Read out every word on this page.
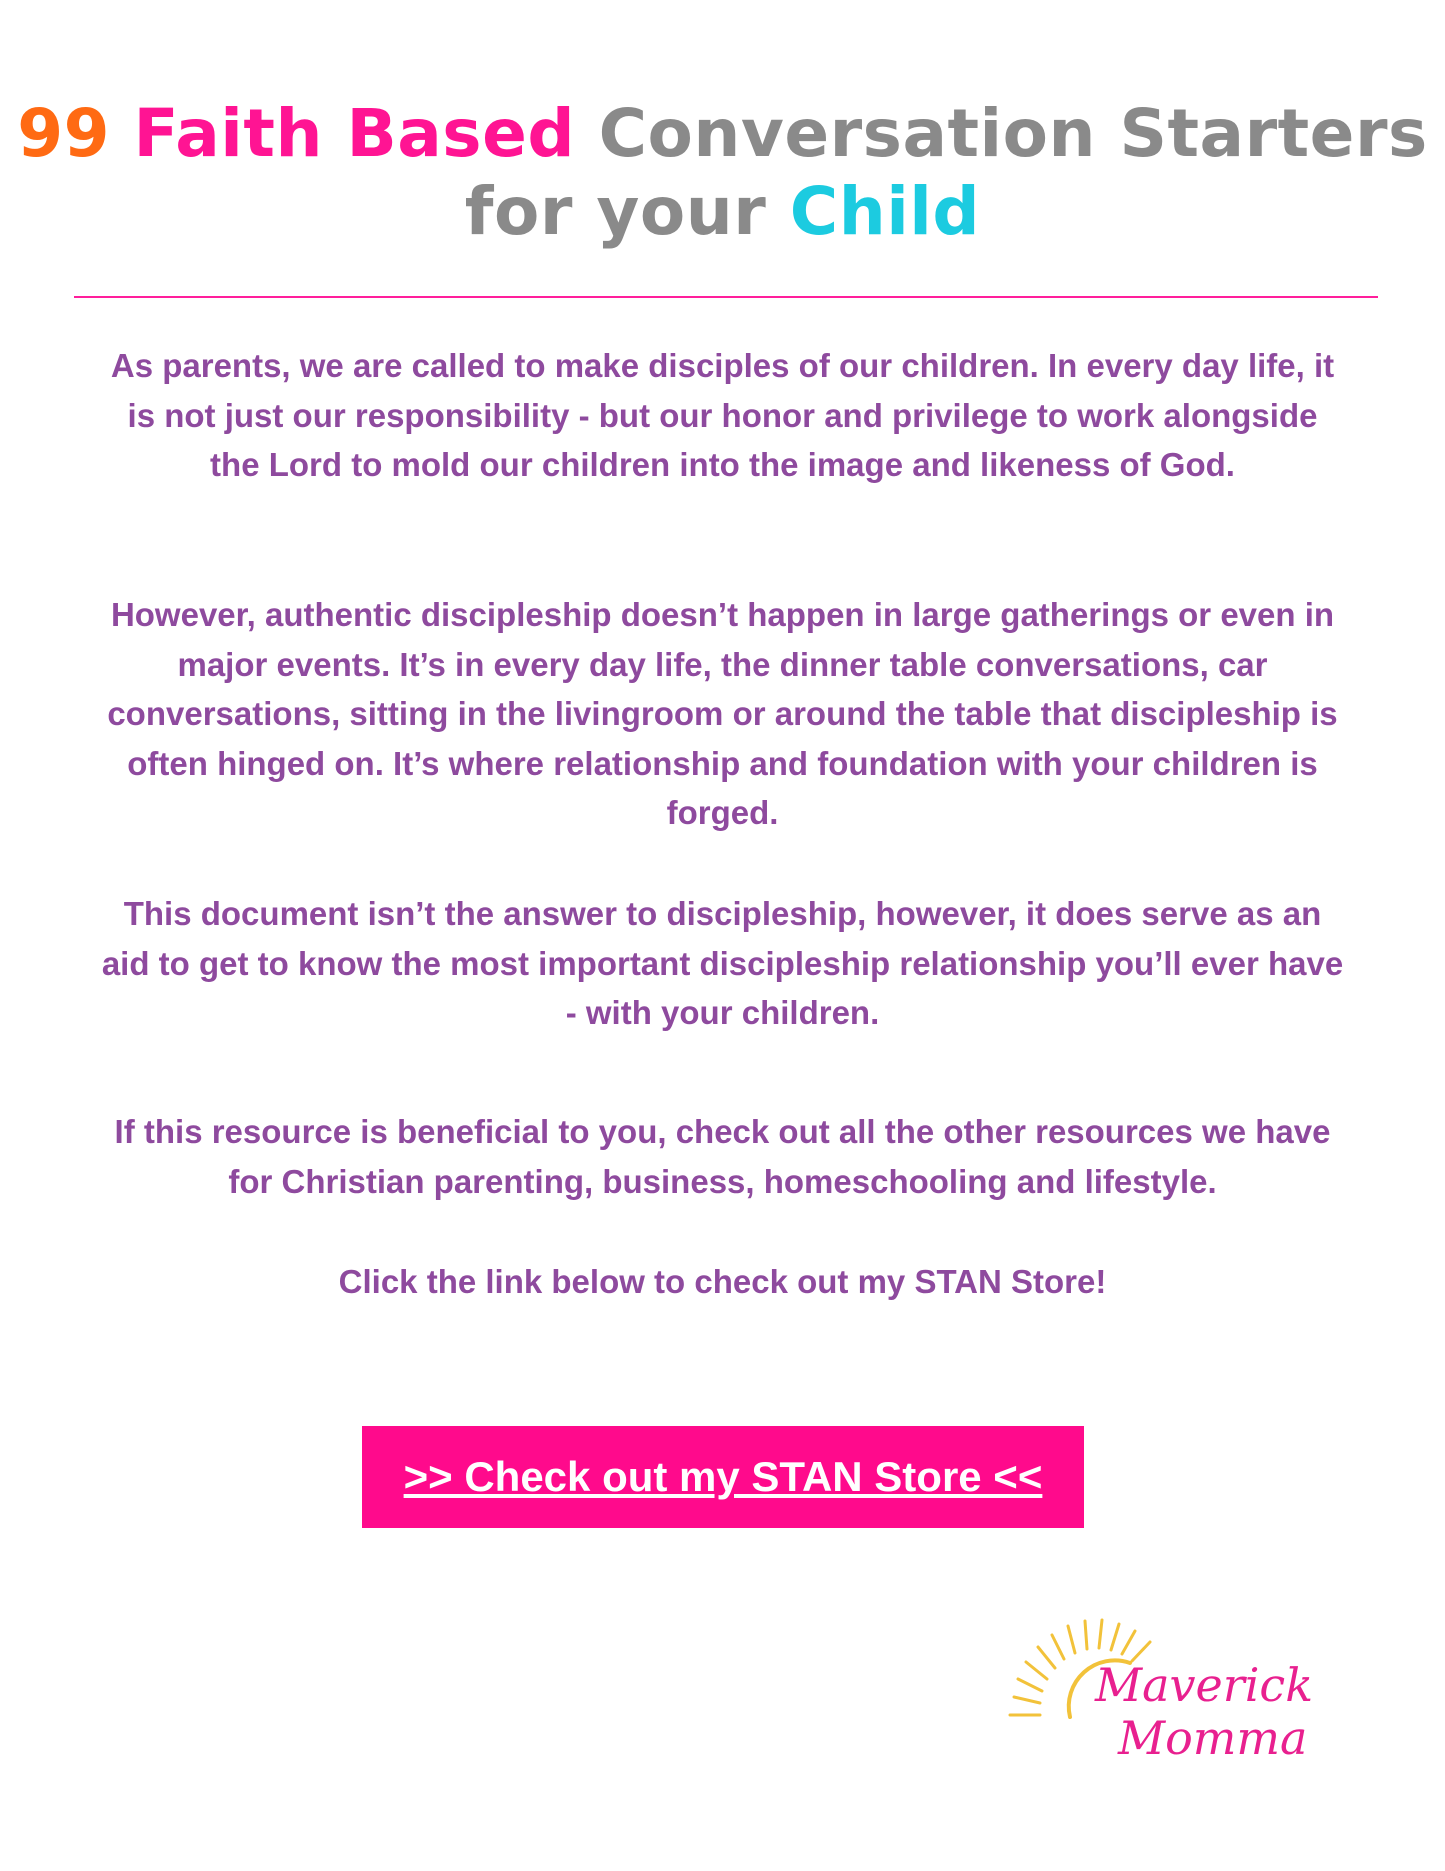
99 Faith Based Conversation Starters
for your Child

As parents, we are called to make disciples of our children. In every day life, it is not just our responsibility - but our honor and privilege to work alongside the Lord to mold our children into the image and likeness of God.

However, authentic discipleship doesn’t happen in large gatherings or even in major events. It’s in every day life, the dinner table conversations, car conversations, sitting in the livingroom or around the table that discipleship is often hinged on. It’s where relationship and foundation with your children is forged.

This document isn’t the answer to discipleship, however, it does serve as an aid to get to know the most important discipleship relationship you’ll ever have - with your children.

If this resource is beneficial to you, check out all the other resources we have for Christian parenting, business, homeschooling and lifestyle.

Click the link below to check out my STAN Store!

>> Check out my STAN Store <<
Maverick
Momma
